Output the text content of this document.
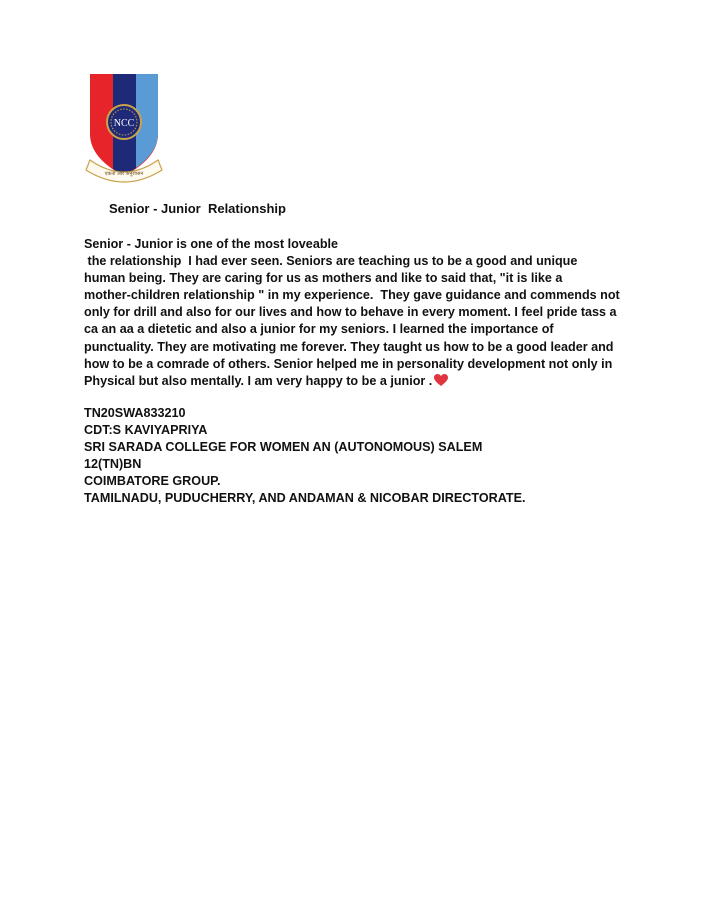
NCC
एकता और अनुशासन
Senior - Junior  Relationship
Senior - Junior is one of the most loveable
the relationship  I had ever seen. Seniors are teaching us to be a good and unique
human being. They are caring for us as mothers and like to said that, "it is like a
mother-children relationship " in my experience.  They gave guidance and commends not
only for drill and also for our lives and how to behave in every moment. I feel pride tass a
ca an aa a dietetic and also a junior for my seniors. I learned the importance of
punctuality. They are motivating me forever. They taught us how to be a good leader and
how to be a comrade of others. Senior helped me in personality development not only in
Physical but also mentally. I am very happy to be a junior .
TN20SWA833210
CDT:S KAVIYAPRIYA
SRI SARADA COLLEGE FOR WOMEN AN (AUTONOMOUS) SALEM
12(TN)BN
COIMBATORE GROUP.
TAMILNADU, PUDUCHERRY, AND ANDAMAN & NICOBAR DIRECTORATE.
